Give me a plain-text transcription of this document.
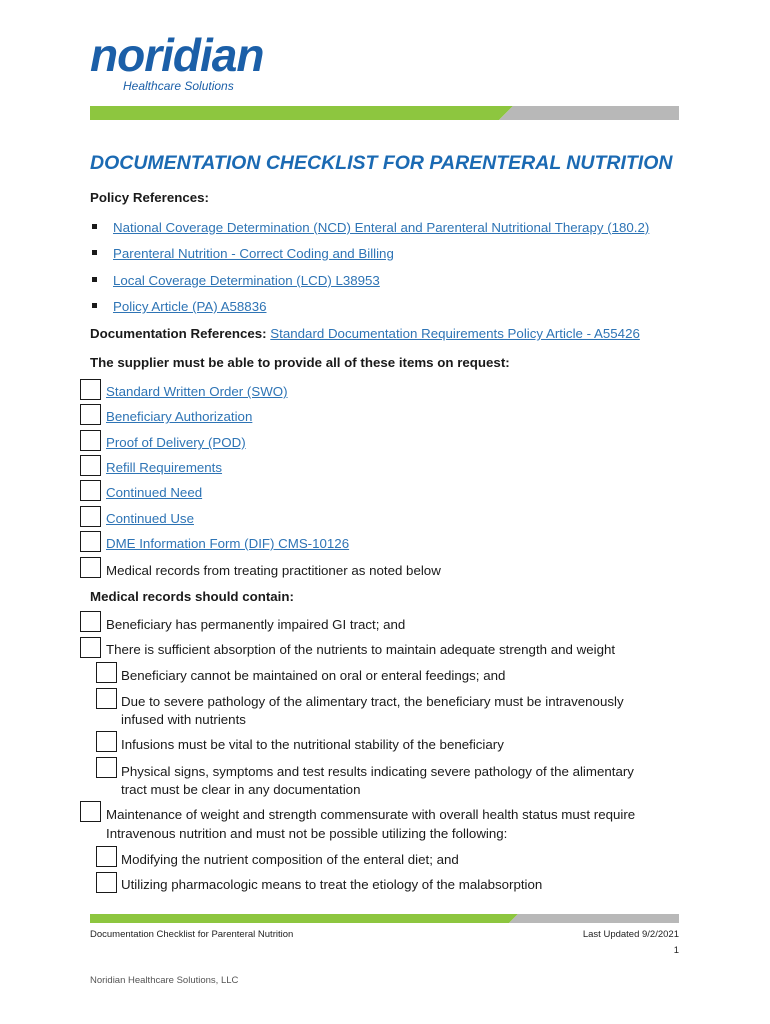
noridian
Healthcare Solutions
DOCUMENTATION CHECKLIST FOR PARENTERAL NUTRITION
Policy References:
National Coverage Determination (NCD) Enteral and Parenteral Nutritional Therapy (180.2)
Parenteral Nutrition - Correct Coding and Billing
Local Coverage Determination (LCD) L38953
Policy Article (PA) A58836
Documentation References: Standard Documentation Requirements Policy Article - A55426
The supplier must be able to provide all of these items on request:
Standard Written Order (SWO)
Beneficiary Authorization
Proof of Delivery (POD)
Refill Requirements
Continued Need
Continued Use
DME Information Form (DIF) CMS-10126
Medical records from treating practitioner as noted below
Medical records should contain:
Beneficiary has permanently impaired GI tract; and
There is sufficient absorption of the nutrients to maintain adequate strength and weight
Beneficiary cannot be maintained on oral or enteral feedings; and
Due to severe pathology of the alimentary tract, the beneficiary must be intravenously
infused with nutrients
Infusions must be vital to the nutritional stability of the beneficiary
Physical signs, symptoms and test results indicating severe pathology of the alimentary
tract must be clear in any documentation
Maintenance of weight and strength commensurate with overall health status must require
Intravenous nutrition and must not be possible utilizing the following:
Modifying the nutrient composition of the enteral diet; and
Utilizing pharmacologic means to treat the etiology of the malabsorption
Documentation Checklist for Parenteral Nutrition	Last Updated 9/2/2021
1
Noridian Healthcare Solutions, LLC
